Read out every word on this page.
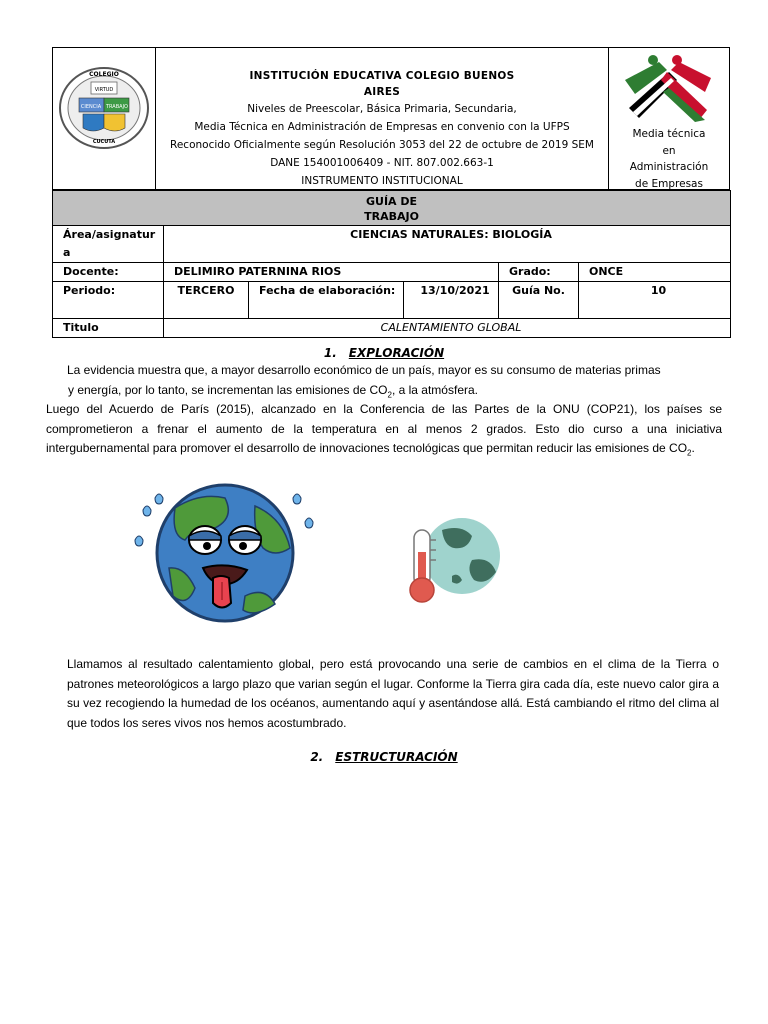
COLEGIO
VIRTUD
CIENCIA TRABAJO
CUCUTA
INSTITUCIÓN EDUCATIVA COLEGIO BUENOS
AIRES
Niveles de Preescolar, Básica Primaria, Secundaria,
Media Técnica en Administración de Empresas en convenio con la UFPS
Reconocido Oficialmente según Resolución 3053 del 22 de octubre de 2019 SEM
DANE 154001006409 - NIT. 807.002.663-1
INSTRUMENTO INSTITUCIONAL
Media técnica
en
Administración
de Empresas
GUÍA DE
TRABAJO					

Área/asignatura	CIENCIAS NATURALES: BIOLOGÍA				
Docente:	DELIMIRO PATERNINA RIOS			Grado:	ONCE
Periodo:	TERCERO	Fecha de elaboración:	13/10/2021	Guía No.	10
Titulo	CALENTAMIENTO GLOBAL				
1. EXPLORACIÓN
La evidencia muestra que, a mayor desarrollo económico de un país, mayor es su consumo de materias primas
y energía, por lo tanto, se incrementan las emisiones de $CO_2$, a la atmósfera.
Luego del Acuerdo de París (2015), alcanzado en la Conferencia de las Partes de la ONU (COP21), los países se comprometieron a frenar el aumento de la temperatura en al menos 2 grados. Esto dio curso a una iniciativa intergubernamental para promover el desarrollo de innovaciones tecnológicas que permitan reducir las emisiones de $CO_2$.
Llamamos al resultado calentamiento global, pero está provocando una serie de cambios en el clima de la Tierra o patrones meteorológicos a largo plazo que varian según el lugar. Conforme la Tierra gira cada día, este nuevo calor gira a su vez recogiendo la humedad de los océanos, aumentando aquí y asentándose allá. Está cambiando el ritmo del clima al que todos los seres vivos nos hemos acostumbrado.
2. ESTRUCTURACIÓN
